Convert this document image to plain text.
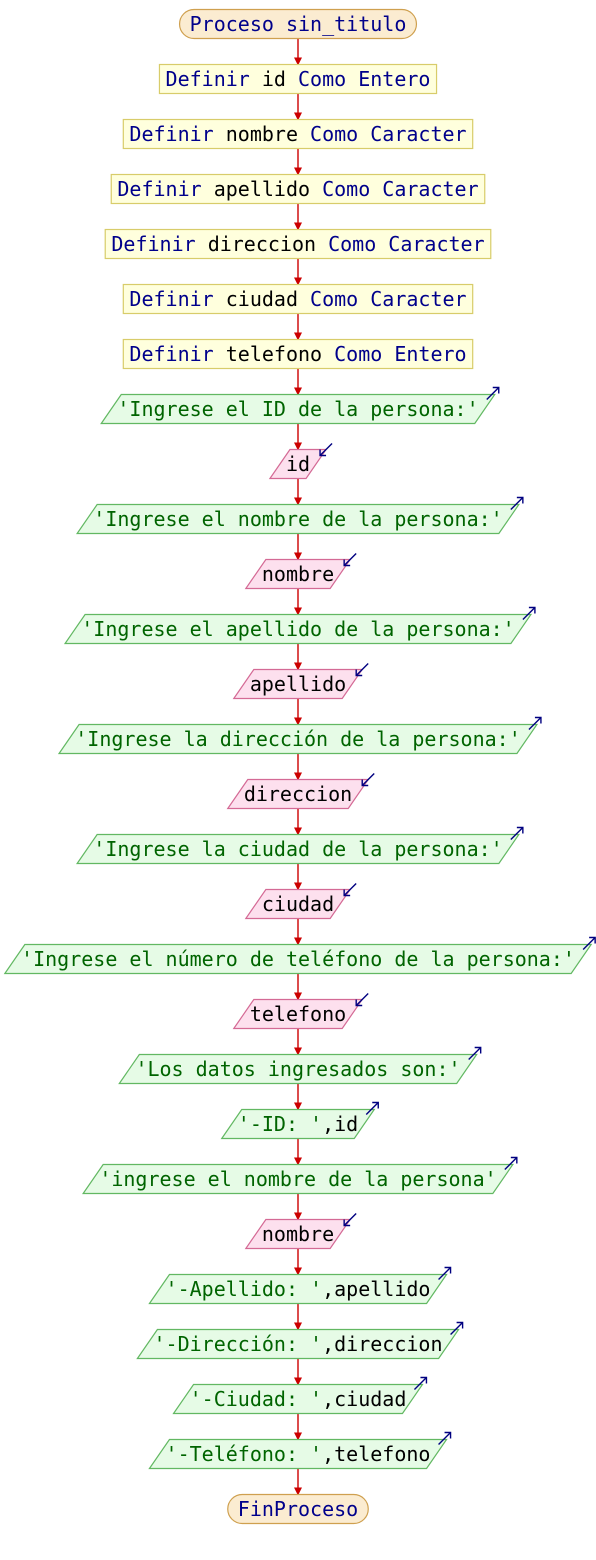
Proceso sin_titulo
Definir id Como Entero
Definir nombre Como Caracter
Definir apellido Como Caracter
Definir direccion Como Caracter
Definir ciudad Como Caracter
Definir telefono Como Entero
'Ingrese el ID de la persona:'
id
'Ingrese el nombre de la persona:'
nombre
'Ingrese el apellido de la persona:'
apellido
'Ingrese la dirección de la persona:'
direccion
'Ingrese la ciudad de la persona:'
ciudad
'Ingrese el número de teléfono de la persona:'
telefono
'Los datos ingresados son:'
'-ID: ',id
'ingrese el nombre de la persona'
nombre
'-Apellido: ',apellido
'-Dirección: ',direccion
'-Ciudad: ',ciudad
'-Teléfono: ',telefono
FinProceso
